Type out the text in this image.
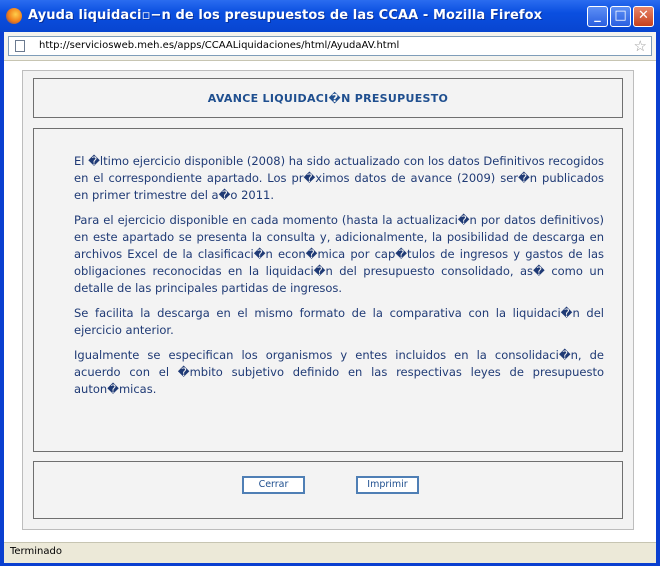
Ayuda liquidaci▫−n de los presupuestos de las CCAA - Mozilla Firefox	_	□ ✕
http://serviciosweb.meh.es/apps/CCAALiquidaciones/html/AyudaAV.html	☆
AVANCE LIQUIDACI�N PRESUPUESTO

El �ltimo ejercicio disponible (2008) ha sido actualizado con los datos Definitivos recogidos en el correspondiente apartado. Los pr�ximos datos de avance (2009) ser�n publicados en primer trimestre del a�o 2011.

Para el ejercicio disponible en cada momento (hasta la actualizaci�n por datos definitivos) en este apartado se presenta la consulta y, adicionalmente, la posibilidad de descarga en archivos Excel de la clasificaci�n econ�mica por cap�tulos de ingresos y gastos de las obligaciones reconocidas en la liquidaci�n del presupuesto consolidado, as� como un detalle de las principales partidas de ingresos.

Se facilita la descarga en el mismo formato de la comparativa con la liquidaci�n del ejercicio anterior.

Igualmente se especifican los organismos y entes incluidos en la consolidaci�n, de acuerdo con el �mbito subjetivo definido en las respectivas leyes de presupuesto auton�micas.

Cerrar	Imprimir
Terminado
